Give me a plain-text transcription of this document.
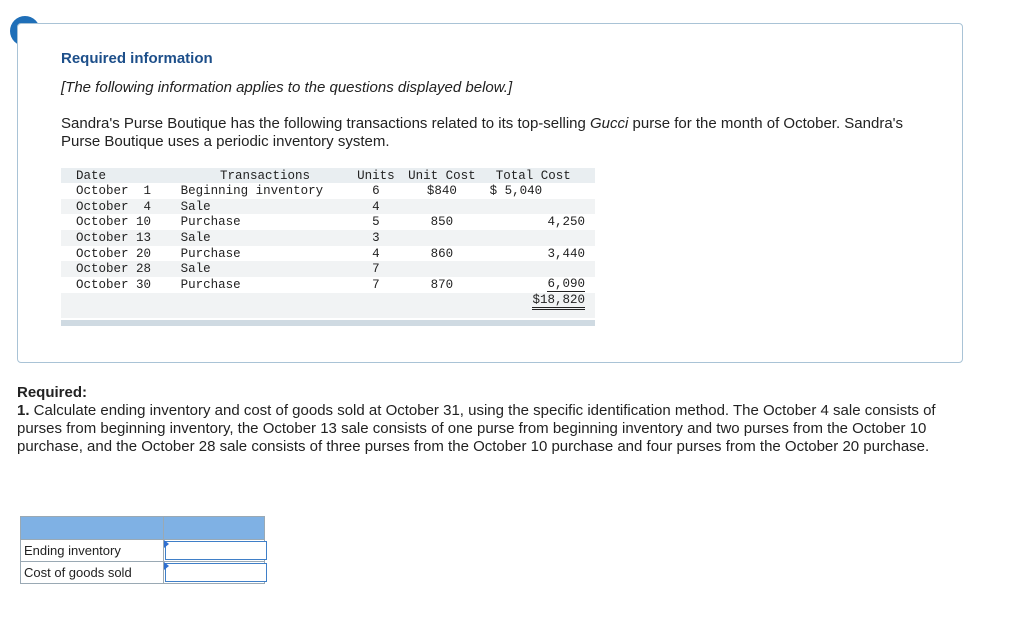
Required information
[The following information applies to the questions displayed below.]
Sandra's Purse Boutique has the following transactions related to its top-selling Gucci purse for the month of October. Sandra's Purse Boutique uses a periodic inventory system.
Date	Transactions	Units	Unit Cost	Total Cost
October  1	Beginning inventory	6	$840	$ 5,040
October  4	Sale	4		
October 10	Purchase	5	850	4,250
October 13	Sale	3		
October 20	Purchase	4	860	3,440
October 28	Sale	7		
October 30	Purchase	7	870	6,090
				$18,820

Required:
1. Calculate ending inventory and cost of goods sold at October 31, using the specific identification method. The October 4 sale consists of purses from beginning inventory, the October 13 sale consists of one purse from beginning inventory and two purses from the October 10 purchase, and the October 28 sale consists of three purses from the October 10 purchase and four purses from the October 20 purchase.

Ending inventory	

Cost of goods sold	
